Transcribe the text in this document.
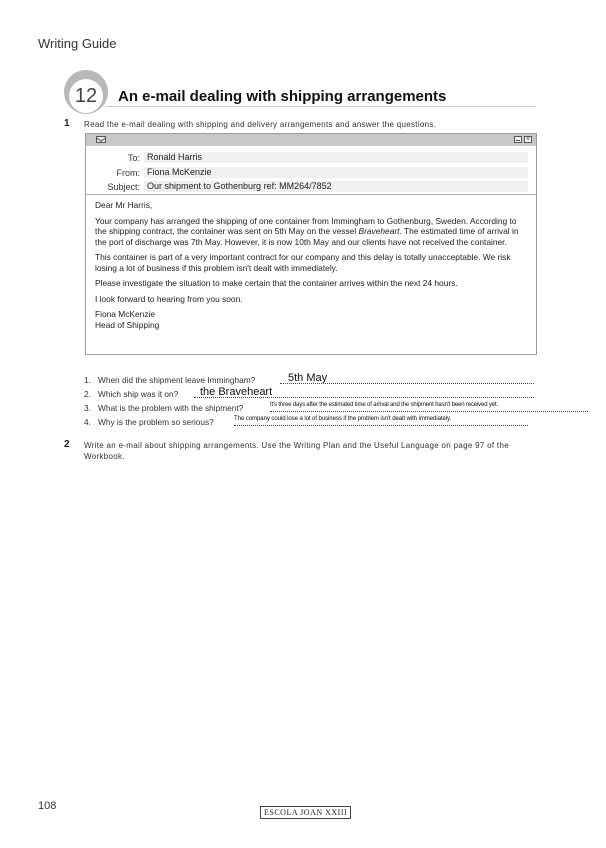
Writing Guide
12	An e-mail dealing with shipping arrangements
1 Read the e-mail dealing with shipping and delivery arrangements and answer the questions.
×
To: Ronald Harris
From: Fiona McKenzie
Subject: Our shipment to Gothenburg ref: MM264/7852

Dear Mr Harris,

Your company has arranged the shipping of one container from Immingham to Gothenburg, Sweden. According to the shipping contract, the container was sent on 5th May on the vessel Braveheart. The estimated time of arrival in the port of discharge was 7th May. However, it is now 10th May and our clients have not received the container.

This container is part of a very important contract for our company and this delay is totally unacceptable. We risk losing a lot of business if this problem isn't dealt with immediately.

Please investigate the situation to make certain that the container arrives within the next 24 hours.

I look forward to hearing from you soon.

Fiona McKenzie

Head of Shipping

1. When did the shipment leave Immingham?	5th May
2. Which ship was it on?	the Braveheart
3. What is the problem with the shipment?	It's three days after the estimated time of arrival and the shipment hasn't been received yet.
4. Why is the problem so serious?	The company could lose a lot of business if the problem isn't dealt with immediately.
2 Write an e-mail about shipping arrangements. Use the Writing Plan and the Useful Language on page 97 of the Workbook.
108
ESCOLA JOAN XXIII
